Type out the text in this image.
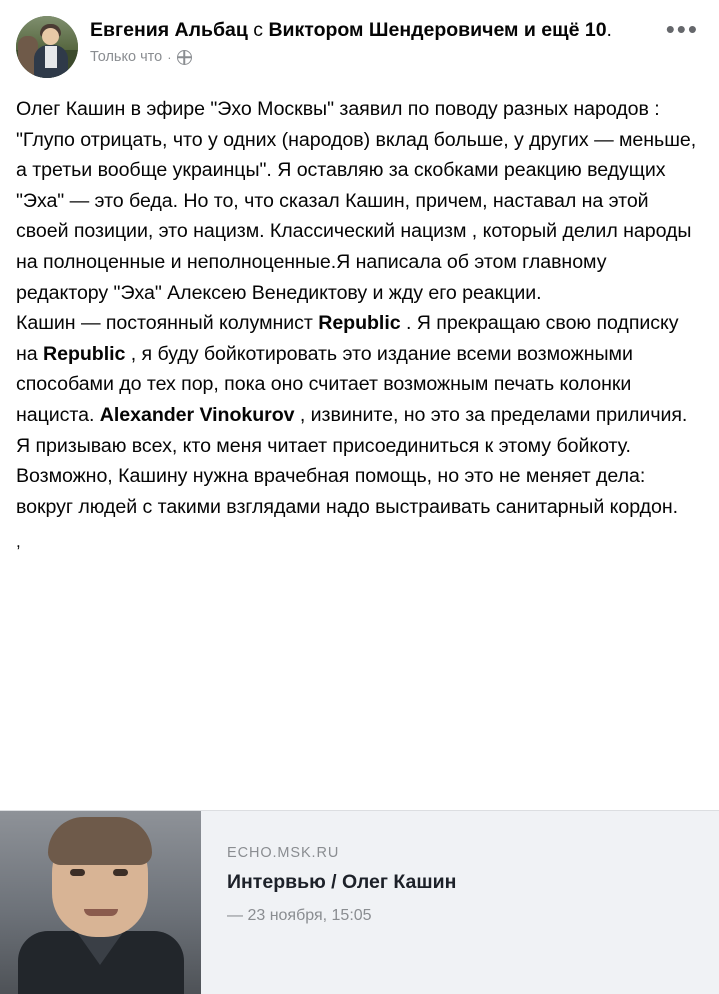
Евгения Альбац с Виктором Шендеровичем и ещё 10.
Только что ·
•••

Олег Кашин в эфире "Эхо Москвы" заявил по поводу разных народов : "Глупо отрицать, что у одних (народов) вклад больше, у других — меньше, а третьи вообще украинцы". Я оставляю за скобками реакцию ведущих "Эха" — это беда. Но то, что сказал Кашин, причем, наставал на этой своей позиции, это нацизм. Классический нацизм , который делил народы на полноценные и неполноценные.Я написала об этом главному редактору "Эха" Алексею Венедиктову и жду его реакции.

Кашин — постоянный колумнист Republic . Я прекращаю свою подписку на Republic , я буду бойкотировать это издание всеми возможными способами до тех пор, пока оно считает возможным печать колонки нациста. Alexander Vinokurov , извините, но это за пределами приличия. Я призываю всех, кто меня читает присоединиться к этому бойкоту. Возможно, Кашину нужна врачебная помощь, но это не меняет дела: вокруг людей с такими взглядами надо выстраивать санитарный кордон.

,
ECHO.MSK.RU
Интервью / Олег Кашин
— 23 ноября, 15:05
